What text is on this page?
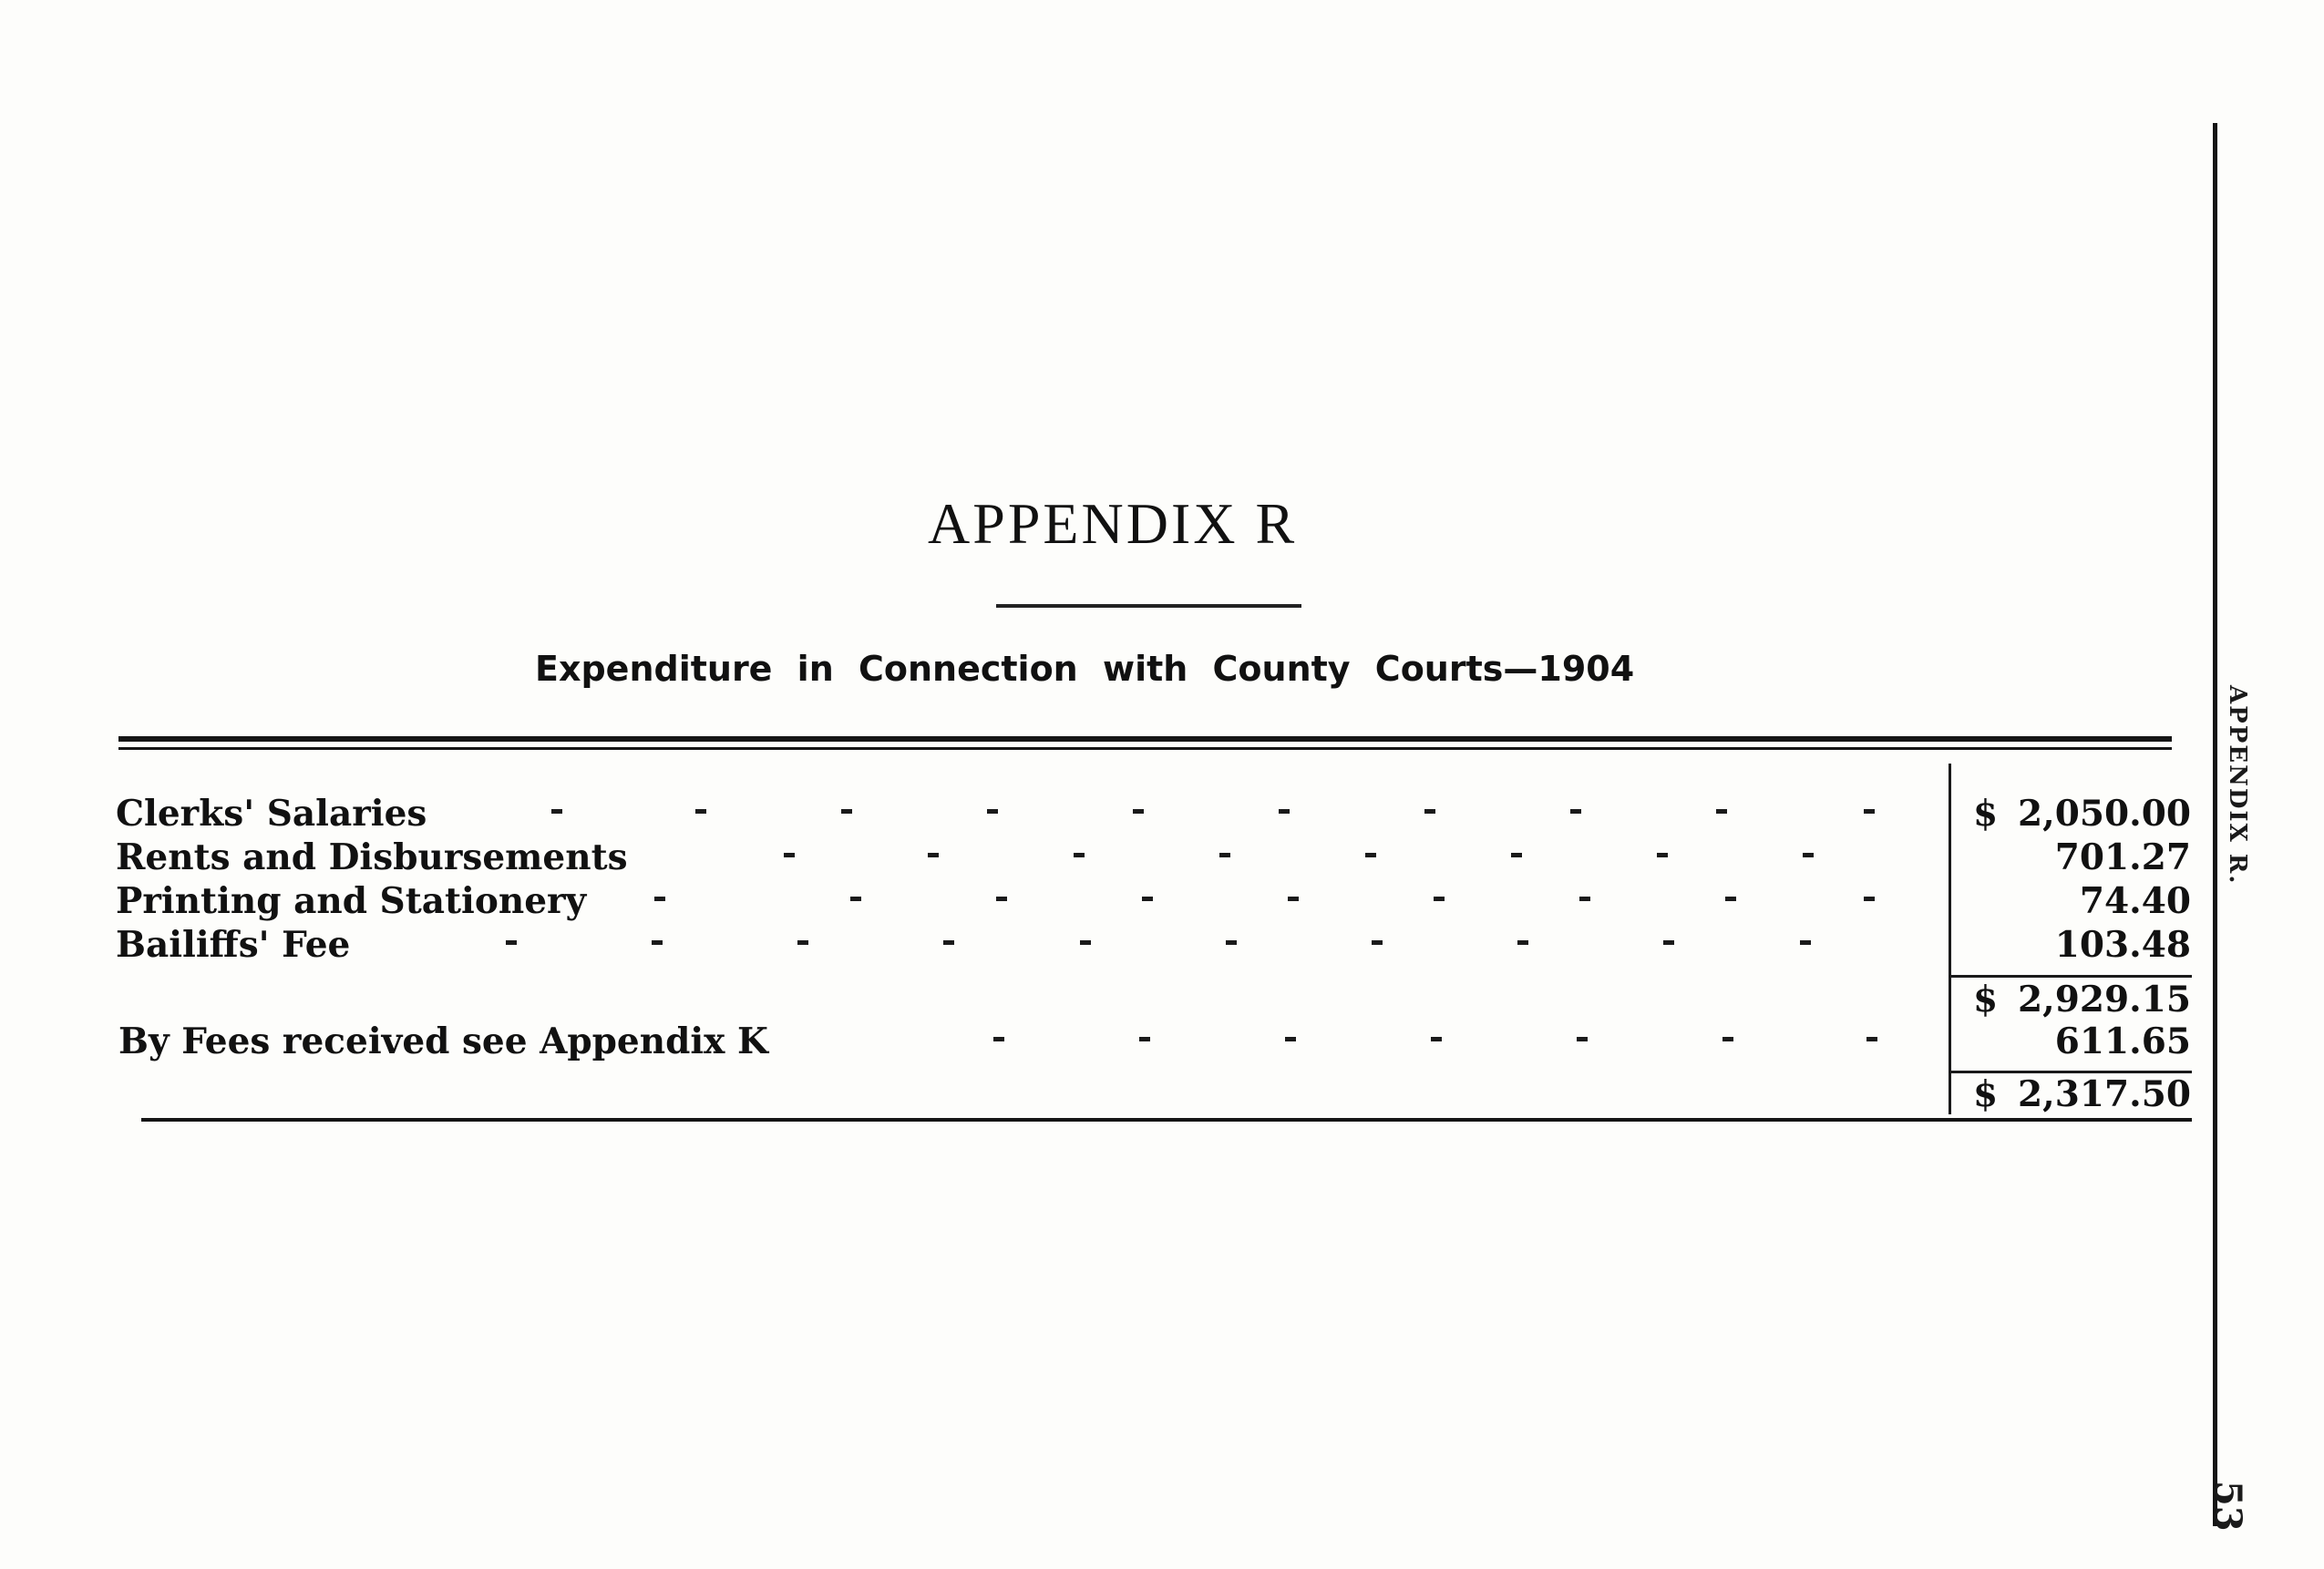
APPENDIX R.
53
APPENDIX R
Expenditure in Connection with County Courts—1904
Clerks' Salaries	$ 2,050.00
Rents and Disbursements	701.27
Printing and Stationery	74.40
Bailiffs' Fee	103.48
$ 2,929.15
By Fees received see Appendix K	611.65
$ 2,317.50
